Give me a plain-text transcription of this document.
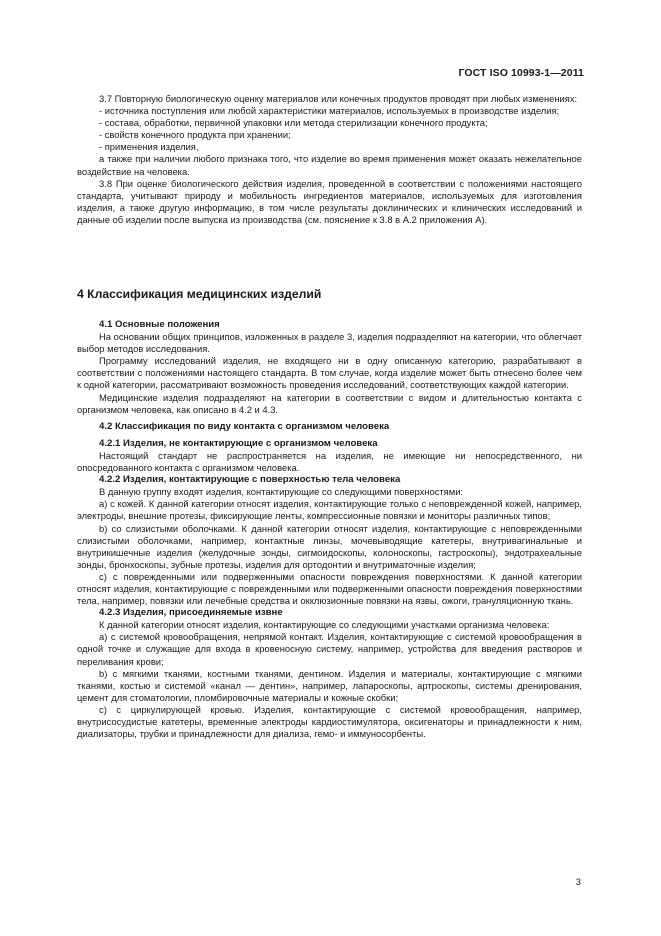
ГОСТ ISO 10993-1—2011

3.7 Повторную биологическую оценку материалов или конечных продуктов проводят при любых изменениях:

- источника поступления или любой характеристики материалов, используемых в производстве изделия;

- состава, обработки, первичной упаковки или метода стерилизации конечного продукта;

- свойств конечного продукта при хранении;

- применения изделия,

а также при наличии любого признака того, что изделие во время применения может оказать нежелательное воздействие на человека.

3.8 При оценке биологического действия изделия, проведенной в соответствии с положениями настоящего стандарта, учитывают природу и мобильность ингредиентов материалов, используемых для изготовления изделия, а также другую информацию, в том числе результаты доклинических и клинических исследований и данные об изделии после выпуска из производства (см. пояснение к 3.8 в А.2 приложения А).

4 Классификация медицинских изделий

4.1 Основные положения

На основании общих принципов, изложенных в разделе 3, изделия подразделяют на категории, что облегчает выбор методов исследования.

Программу исследований изделия, не входящего ни в одну описанную категорию, разрабатывают в соответствии с положениями настоящего стандарта. В том случае, когда изделие может быть отнесено более чем к одной категории, рассматривают возможность проведения исследований, соответствующих каждой категории.

Медицинские изделия подразделяют на категории в соответствии с видом и длительностью контакта с организмом человека, как описано в 4.2 и 4.3.

4.2 Классификация по виду контакта с организмом человека

4.2.1 Изделия, не контактирующие с организмом человека

Настоящий стандарт не распространяется на изделия, не имеющие ни непосредственного, ни опосредованного контакта с организмом человека.

4.2.2 Изделия, контактирующие с поверхностью тела человека

В данную группу входят изделия, контактирующие со следующими поверхностями:

a) с кожей. К данной категории относят изделия, контактирующие только с неповрежденной кожей, например, электроды, внешние протезы, фиксирующие ленты, компрессионные повязки и мониторы различных типов;

b) со слизистыми оболочками. К данной категории относят изделия, контактирующие с неповрежденными слизистыми оболочками, например, контактные линзы, мочевыводящие катетеры, внутривагинальные и внутрикишечные изделия (желудочные зонды, сигмоидоскопы, колоноскопы, гастроскопы), эндотрахеальные зонды, бронхоскопы, зубные протезы, изделия для ортодонтии и внутриматочные изделия;

c) с поврежденными или подверженными опасности повреждения поверхностями. К данной категории относят изделия, контактирующие с поврежденными или подверженными опасности повреждения поверхностями тела, например, повязки или лечебные средства и окклюзионные повязки на язвы, ожоги, грануляционную ткань.

4.2.3 Изделия, присоединяемые извне

К данной категории относят изделия, контактирующие со следующими участками организма человека:

a) с системой кровообращения, непрямой контакт. Изделия, контактирующие с системой кровообращения в одной точке и служащие для входа в кровеносную систему, например, устройства для введения растворов и переливания крови;

b) с мягкими тканями, костными тканями, дентином. Изделия и материалы, контактирующие с мягкими тканями, костью и системой «канал — дентин», например, лапароскопы, артроскопы, системы дренирования, цемент для стоматологии, пломбировочные материалы и кожные скобки;

c) с циркулирующей кровью. Изделия, контактирующие с системой кровообращения, например, внутрисосудистые катетеры, временные электроды кардиостимулятора, оксигенаторы и принадлежности к ним, диализаторы, трубки и принадлежности для диализа, гемо- и иммуносорбенты.

3
